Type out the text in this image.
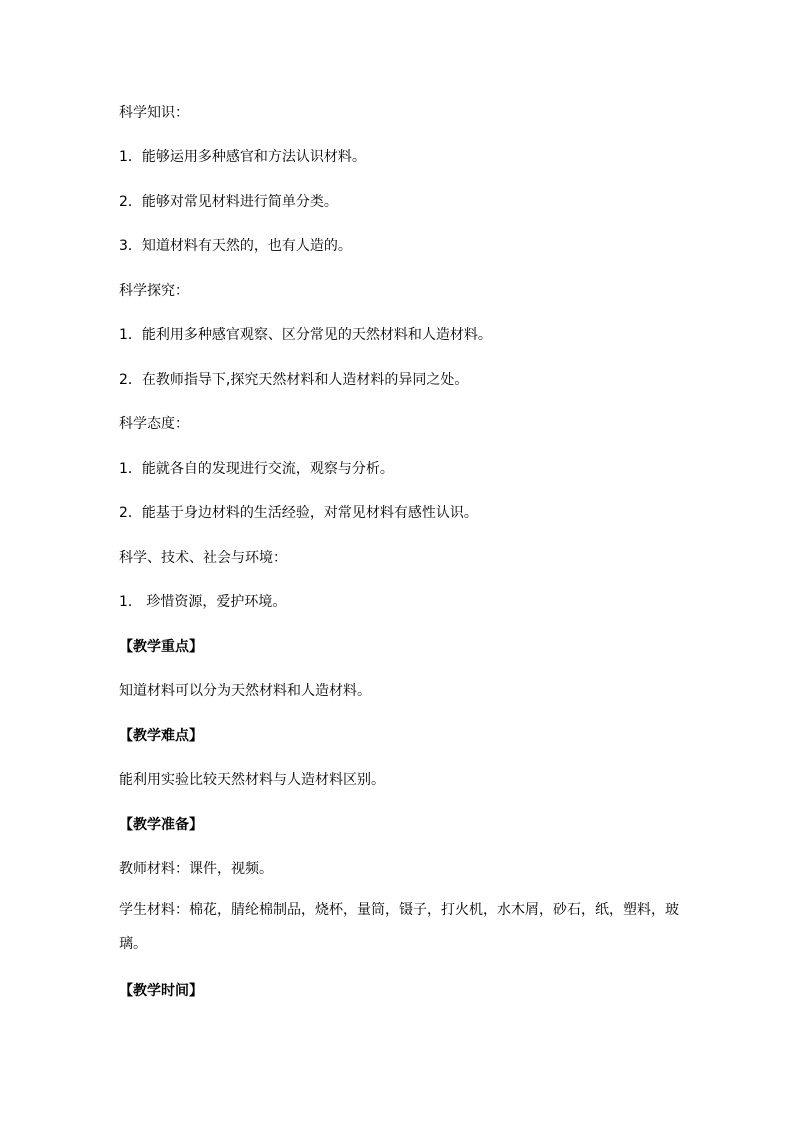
科学知识：
1．能够运用多种感官和方法认识材料。
2．能够对常见材料进行简单分类。
3．知道材料有天然的，也有人造的。
科学探究：
1．能利用多种感官观察、区分常见的天然材料和人造材料。
2．在教师指导下,探究天然材料和人造材料的异同之处。
科学态度：
1．能就各自的发现进行交流，观察与分析。
2．能基于身边材料的生活经验，对常见材料有感性认识。
科学、技术、社会与环境：
1． 珍惜资源，爱护环境。
【教学重点】
知道材料可以分为天然材料和人造材料。
【教学难点】
能利用实验比较天然材料与人造材料区别。
【教学准备】
教师材料：课件，视频。
学生材料：棉花，腈纶棉制品，烧杯，量筒，镊子，打火机，水木屑，砂石，纸，塑料，玻璃。
【教学时间】
